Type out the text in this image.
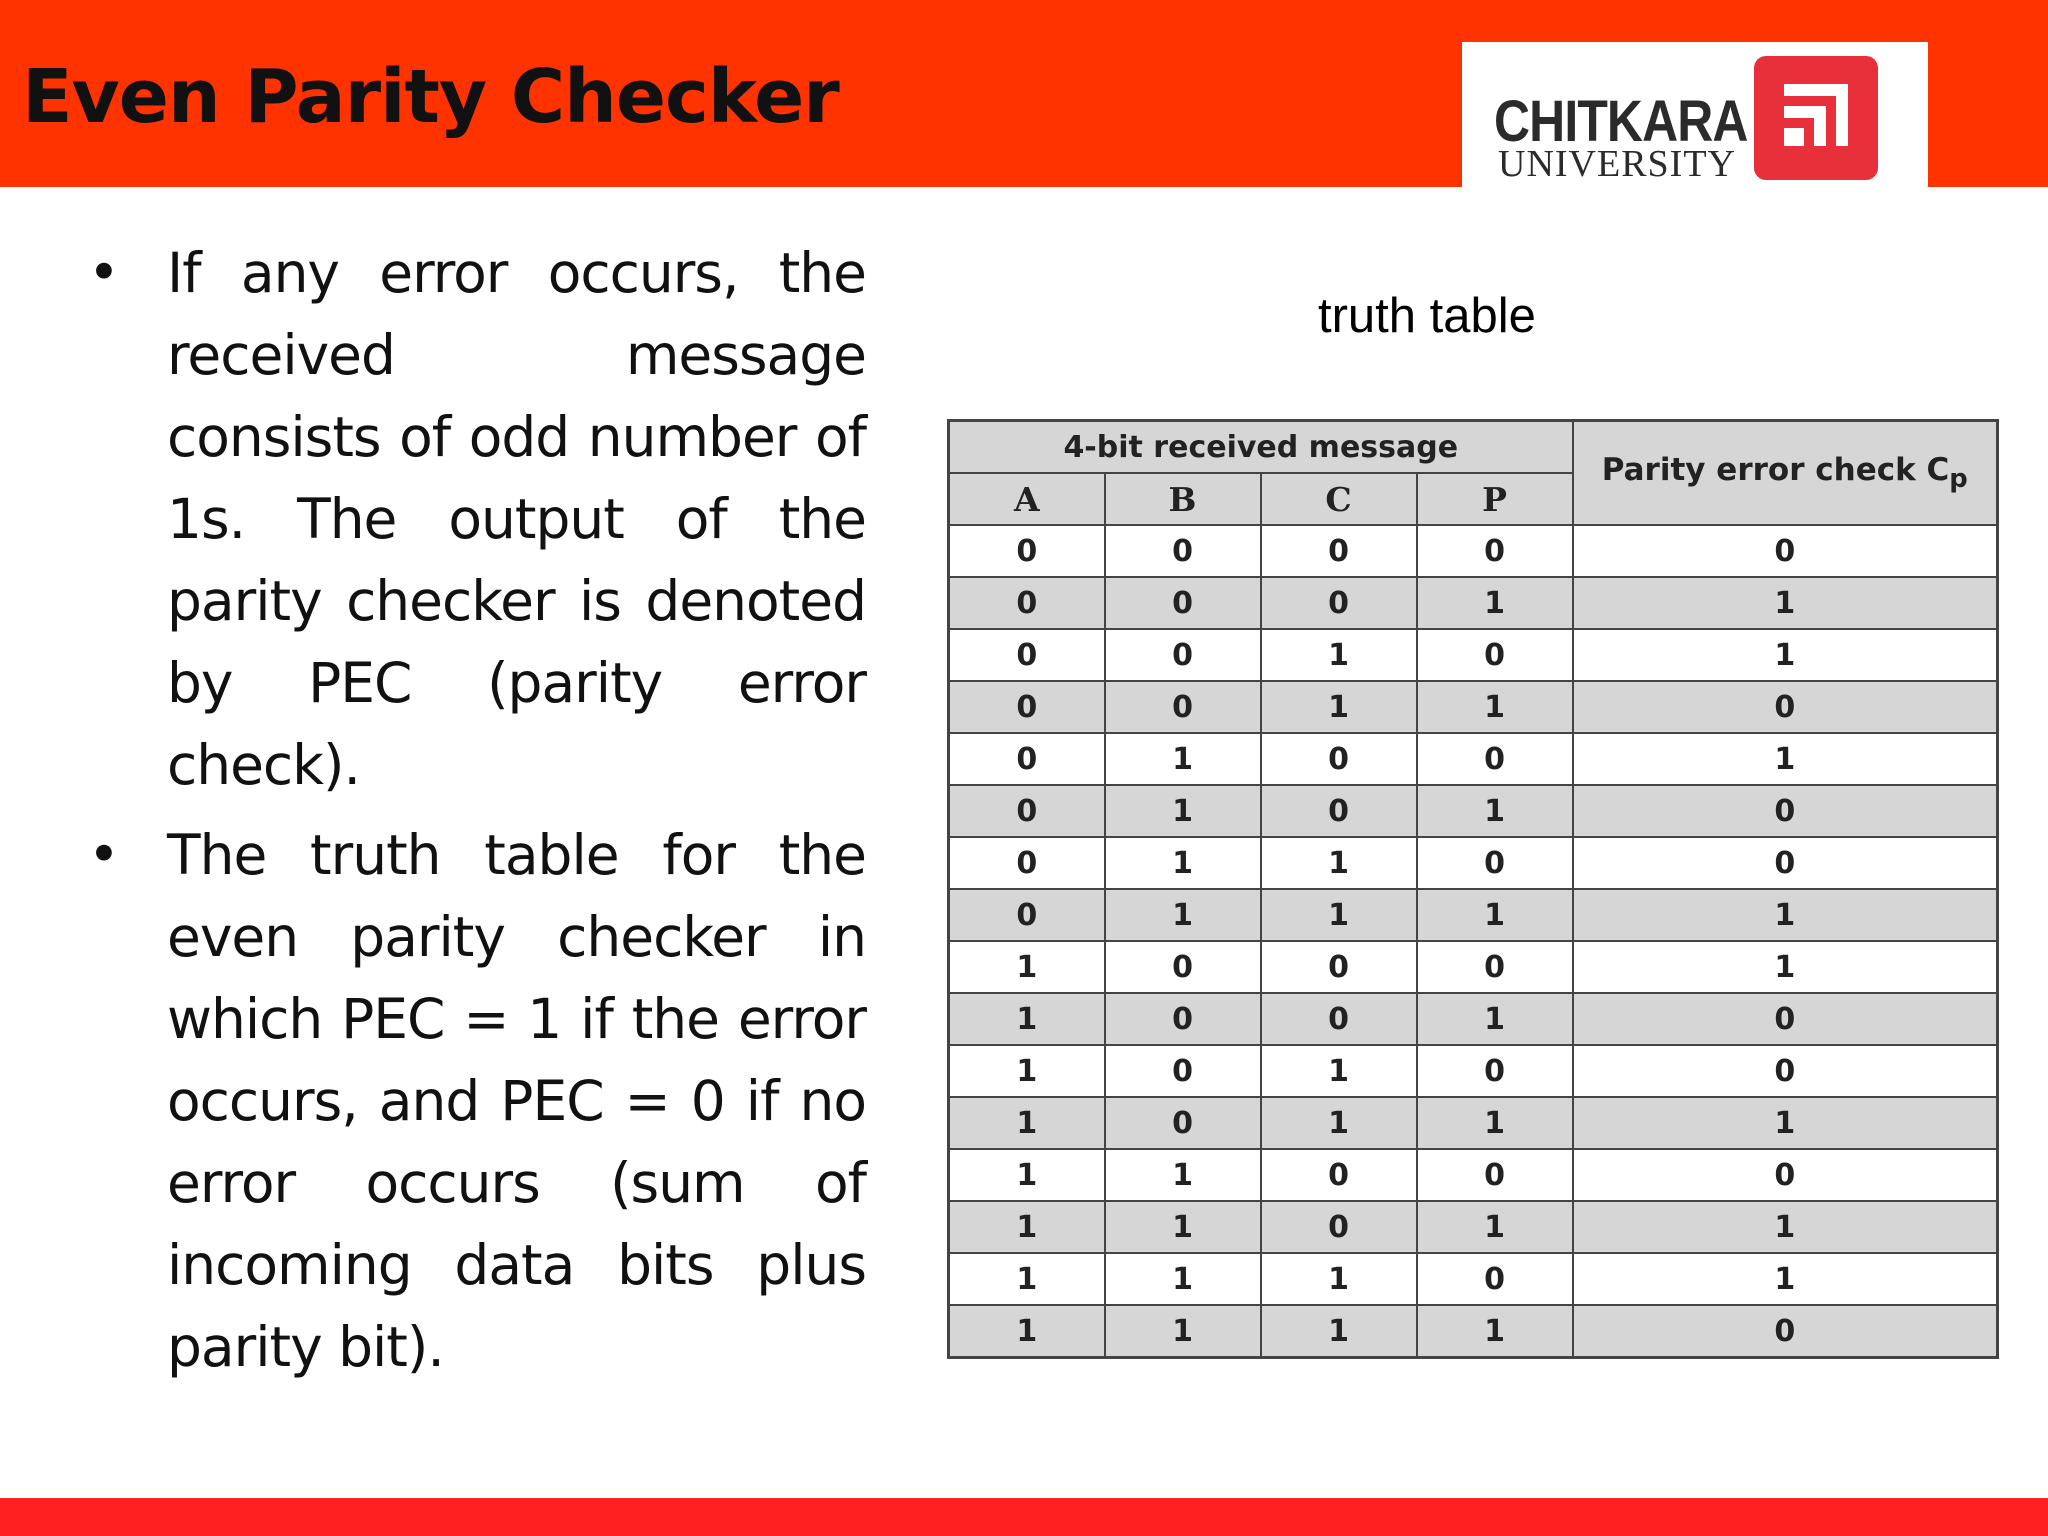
Even Parity Checker	CHITKARA
UNIVERSITY
• If any error occurs, the received message consists of odd number of 1s. The output of the parity checker is denoted by PEC (parity error check).
• The truth table for the even parity checker in which PEC = 1 if the error occurs, and PEC = 0 if no error occurs (sum of incoming data bits plus parity bit).
truth table
4-bit received message				Parity error check $C_p$
A	B	C	P	
0	0	0	0	0
0	0	0	1	1
0	0	1	0	1
0	0	1	1	0
0	1	0	0	1
0	1	0	1	0
0	1	1	0	0
0	1	1	1	1
1	0	0	0	1
1	0	0	1	0
1	0	1	0	0
1	0	1	1	1
1	1	0	0	0
1	1	0	1	1
1	1	1	0	1
1	1	1	1	0
